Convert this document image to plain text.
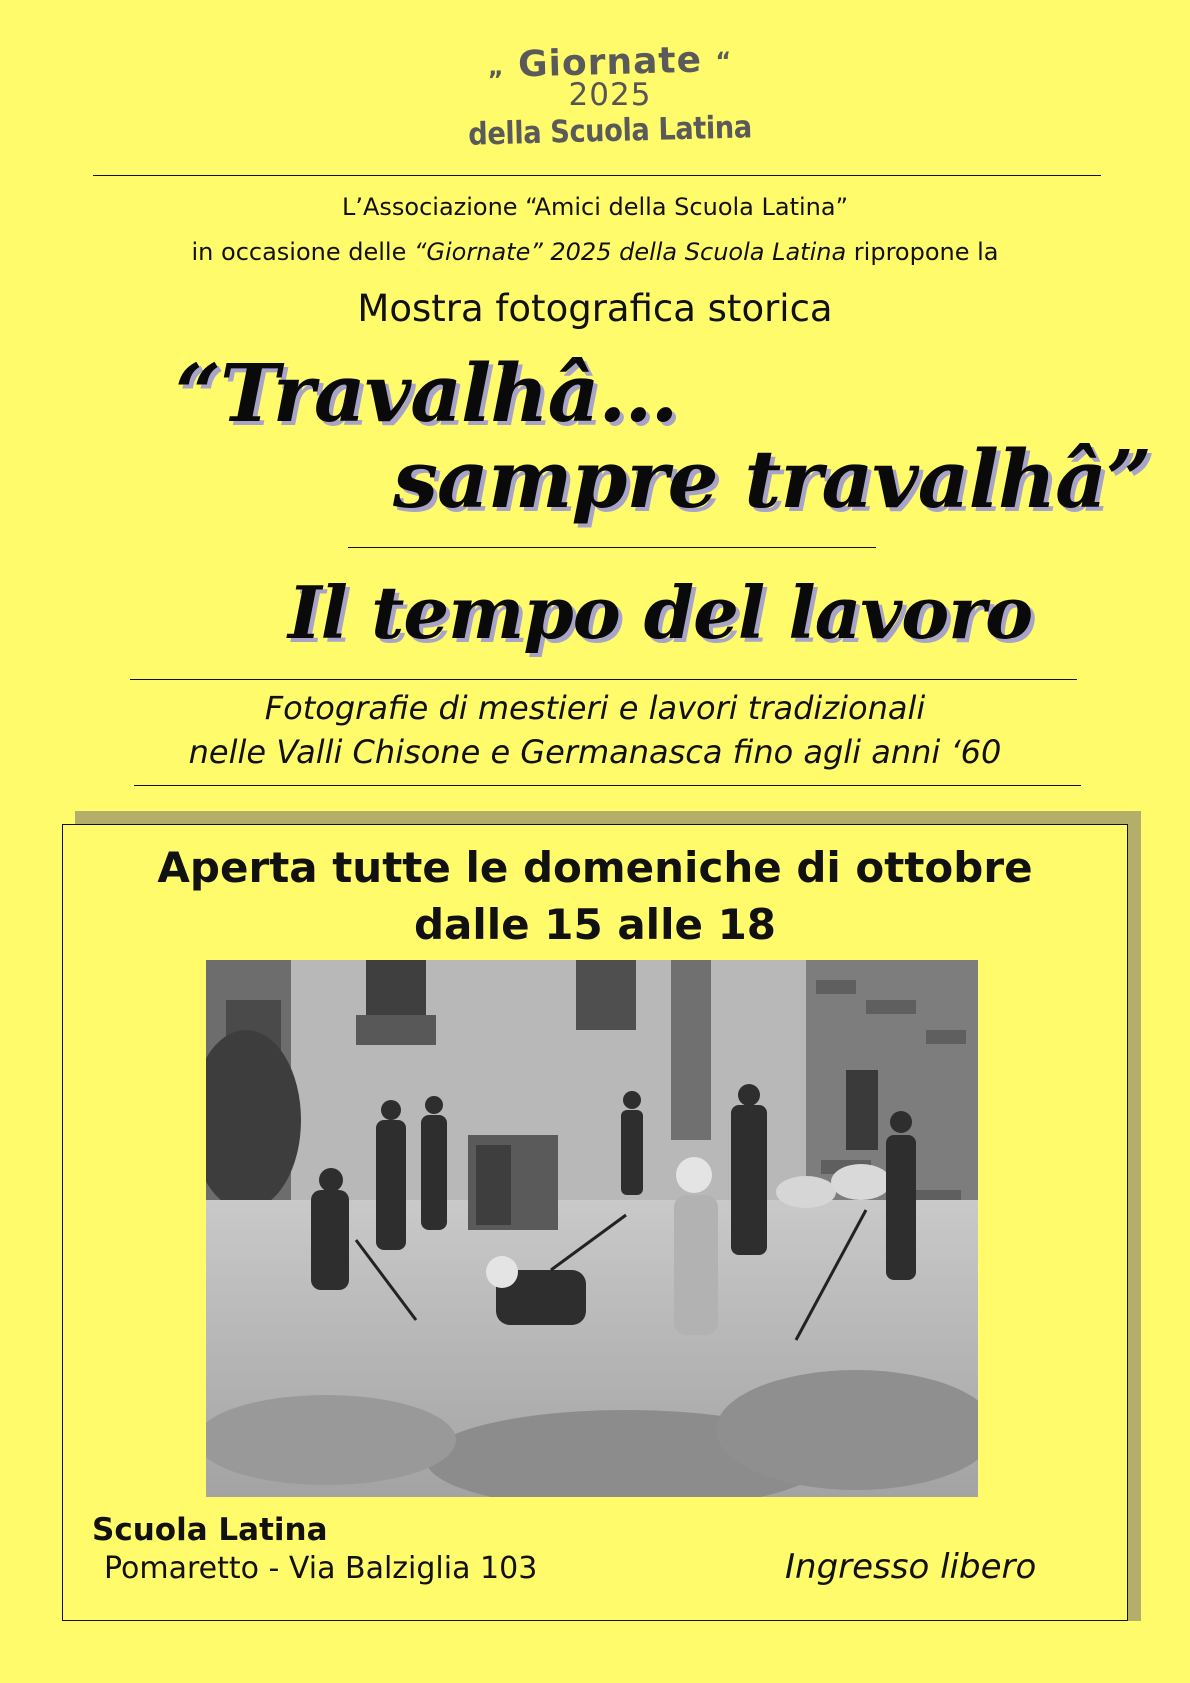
„ Giornate “
2025
della Scuola Latina
L’Associazione “Amici della Scuola Latina”
in occasione delle “Giornate” 2025 della Scuola Latina ripropone la
Mostra fotografica storica
“Travalhâ…
sampre travalhâ”
Il tempo del lavoro
Fotografie di mestieri e lavori tradizionali
nelle Valli Chisone e Germanasca fino agli anni ‘60
Aperta tutte le domeniche di ottobre
dalle 15 alle 18
Scuola Latina
Pomaretto - Via Balziglia 103	Ingresso libero
